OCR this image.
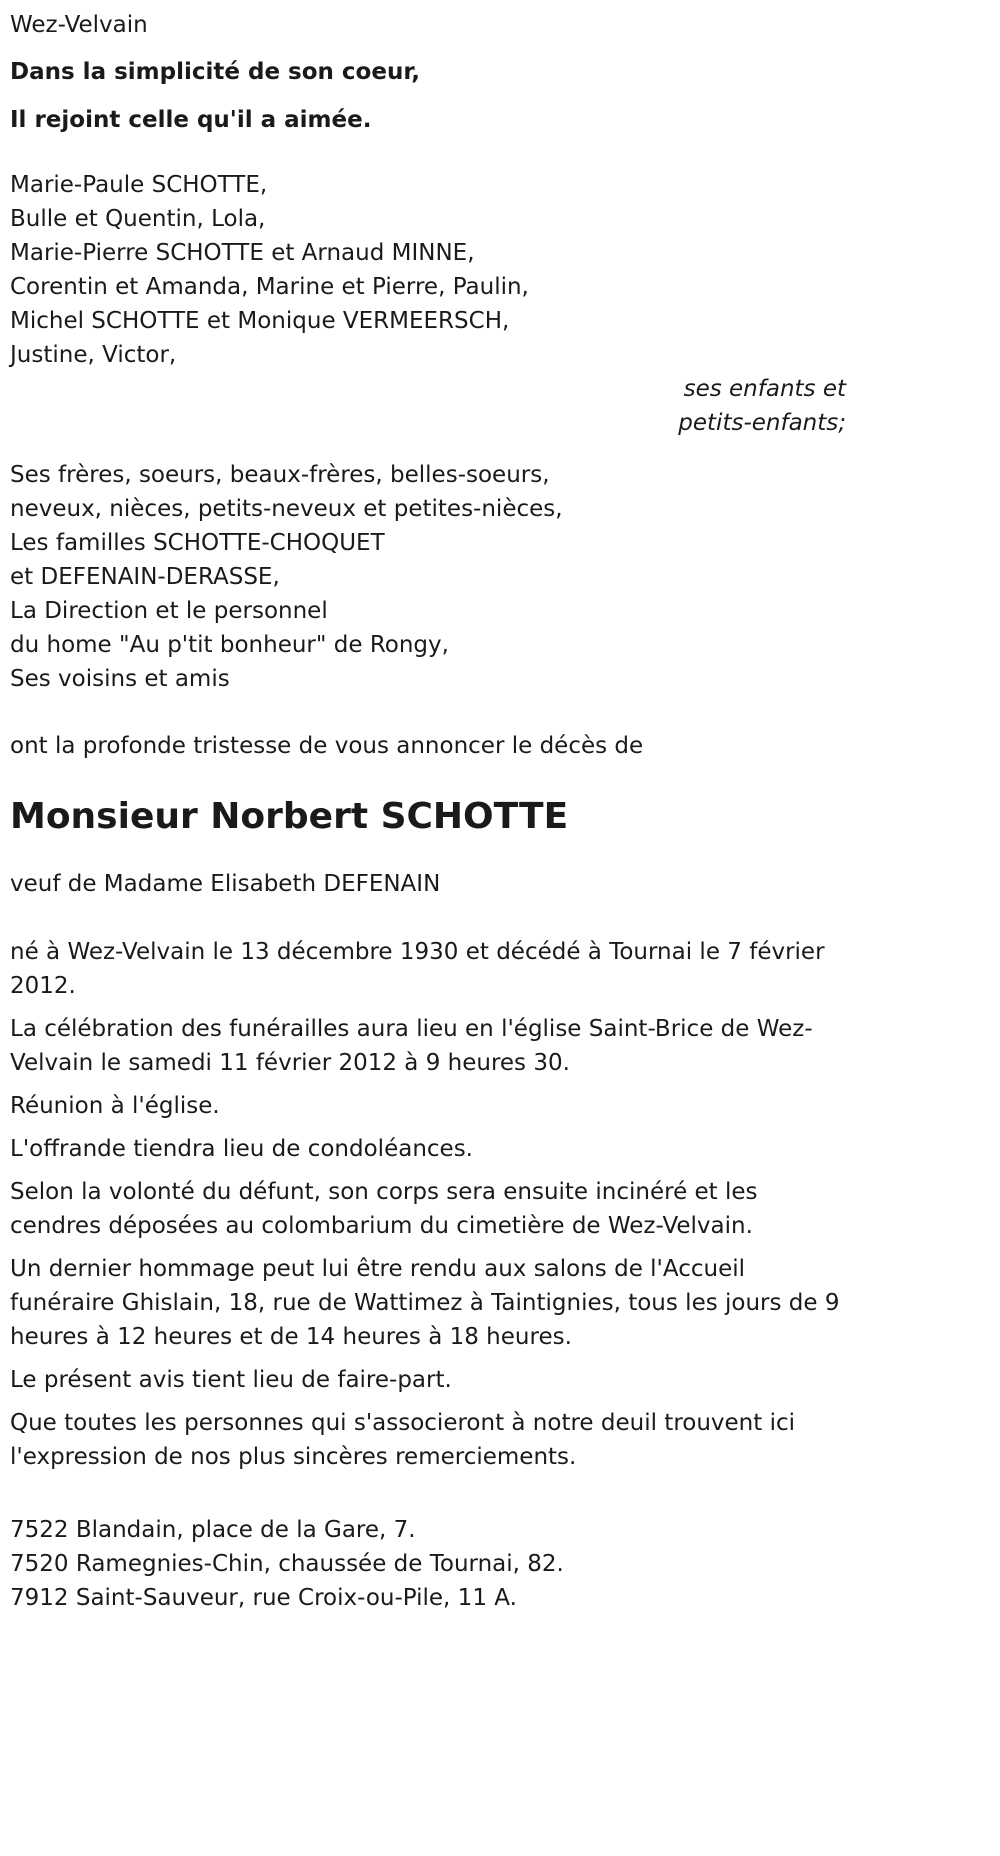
Wez-Velvain
Dans la simplicité de son coeur,
Il rejoint celle qu'il a aimée.
Marie-Paule SCHOTTE,
Bulle et Quentin, Lola,
Marie-Pierre SCHOTTE et Arnaud MINNE,
Corentin et Amanda, Marine et Pierre, Paulin,
Michel SCHOTTE et Monique VERMEERSCH,
Justine, Victor,
ses enfants et
petits-enfants;
Ses frères, soeurs, beaux-frères, belles-soeurs,
neveux, nièces, petits-neveux et petites-nièces,
Les familles SCHOTTE-CHOQUET
et DEFENAIN-DERASSE,
La Direction et le personnel
du home "Au p'tit bonheur" de Rongy,
Ses voisins et amis
ont la profonde tristesse de vous annoncer le décès de
Monsieur Norbert SCHOTTE
veuf de Madame Elisabeth DEFENAIN

né à Wez-Velvain le 13 décembre 1930 et décédé à Tournai le 7 février 2012.

La célébration des funérailles aura lieu en l'église Saint-Brice de Wez-Velvain le samedi 11 février 2012 à 9 heures 30.

Réunion à l'église.

L'offrande tiendra lieu de condoléances.

Selon la volonté du défunt, son corps sera ensuite incinéré et les cendres déposées au colombarium du cimetière de Wez-Velvain.

Un dernier hommage peut lui être rendu aux salons de l'Accueil funéraire Ghislain, 18, rue de Wattimez à Taintignies, tous les jours de 9 heures à 12 heures et de 14 heures à 18 heures.

Le présent avis tient lieu de faire-part.

Que toutes les personnes qui s'associeront à notre deuil trouvent ici l'expression de nos plus sincères remerciements.

7522 Blandain, place de la Gare, 7.
7520 Ramegnies-Chin, chaussée de Tournai, 82.
7912 Saint-Sauveur, rue Croix-ou-Pile, 11 A.
